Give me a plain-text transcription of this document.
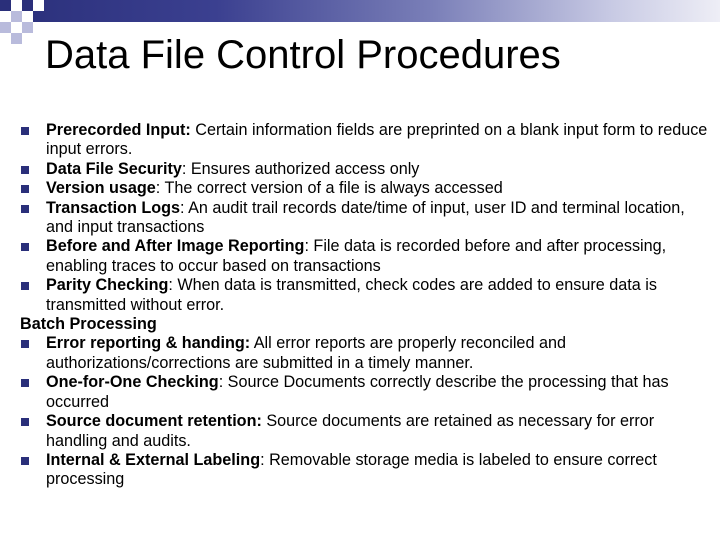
Data File Control Procedures
Prerecorded Input: Certain information fields are preprinted on a blank input form to reduce input errors.
Data File Security: Ensures authorized access only
Version usage: The correct version of a file is always accessed
Transaction Logs: An audit trail records date/time of input, user ID and terminal location, and input transactions
Before and After Image Reporting: File data is recorded before and after processing, enabling traces to occur based on transactions
Parity Checking: When data is transmitted, check codes are added to ensure data is transmitted without error.
Batch Processing
Error reporting & handing: All error reports are properly reconciled and authorizations/corrections are submitted in a timely manner.
One-for-One Checking: Source Documents correctly describe the processing that has occurred
Source document retention: Source documents are retained as necessary for error handling and audits.
Internal & External Labeling: Removable storage media is labeled to ensure correct processing
